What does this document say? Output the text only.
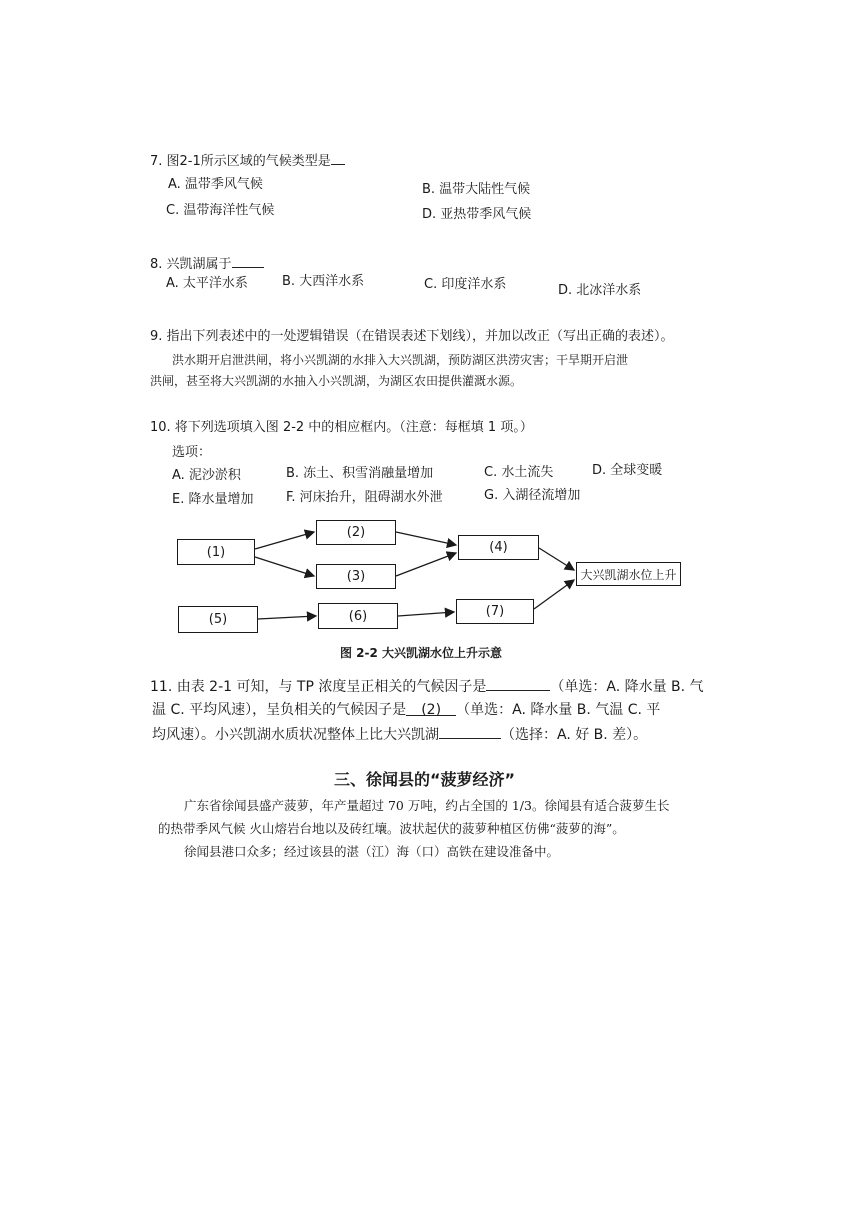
7. 图2-1所示区域的气候类型是
A. 温带季风气候	B. 温带大陆性气候
C. 温带海洋性气候	D. 亚热带季风气候
8. 兴凯湖属于
A. 太平洋水系	B. 大西洋水系	C. 印度洋水系	D. 北冰洋水系
9. 指出下列表述中的一处逻辑错误（在错误表述下划线），并加以改正（写出正确的表述）。
洪水期开启泄洪闸，将小兴凯湖的水排入大兴凯湖，预防湖区洪涝灾害；干旱期开启泄
洪闸，甚至将大兴凯湖的水抽入小兴凯湖，为湖区农田提供灌溉水源。
10. 将下列选项填入图 2-2 中的相应框内。（注意：每框填 1 项。）
选项：
A. 泥沙淤积	B. 冻土、积雪消融量增加	C. 水土流失	D. 全球变暖
E. 降水量增加	F. 河床抬升，阻碍湖水外泄	G. 入湖径流增加
(1)
(2)
(3)
(4)
大兴凯湖水位上升
(5)	(6)	(7)
图 2-2 大兴凯湖水位上升示意
11. 由表 2-1 可知，与 TP 浓度呈正相关的气候因子是	（单选：A. 降水量 B. 气
温 C. 平均风速），呈负相关的气候因子是 (2) （单选：A. 降水量 B. 气温 C. 平
均风速）。小兴凯湖水质状况整体上比大兴凯湖	（选择：A. 好 B. 差）。
三、徐闻县的“菠萝经济”
广东省徐闻县盛产菠萝，年产量超过 70 万吨，约占全国的 1/3。徐闻县有适合菠萝生长
的热带季风气候 火山熔岩台地以及砖红壤。波状起伏的菠萝种植区仿佛“菠萝的海”。
徐闻县港口众多；经过该县的湛（江）海（口）高铁在建设准备中。
